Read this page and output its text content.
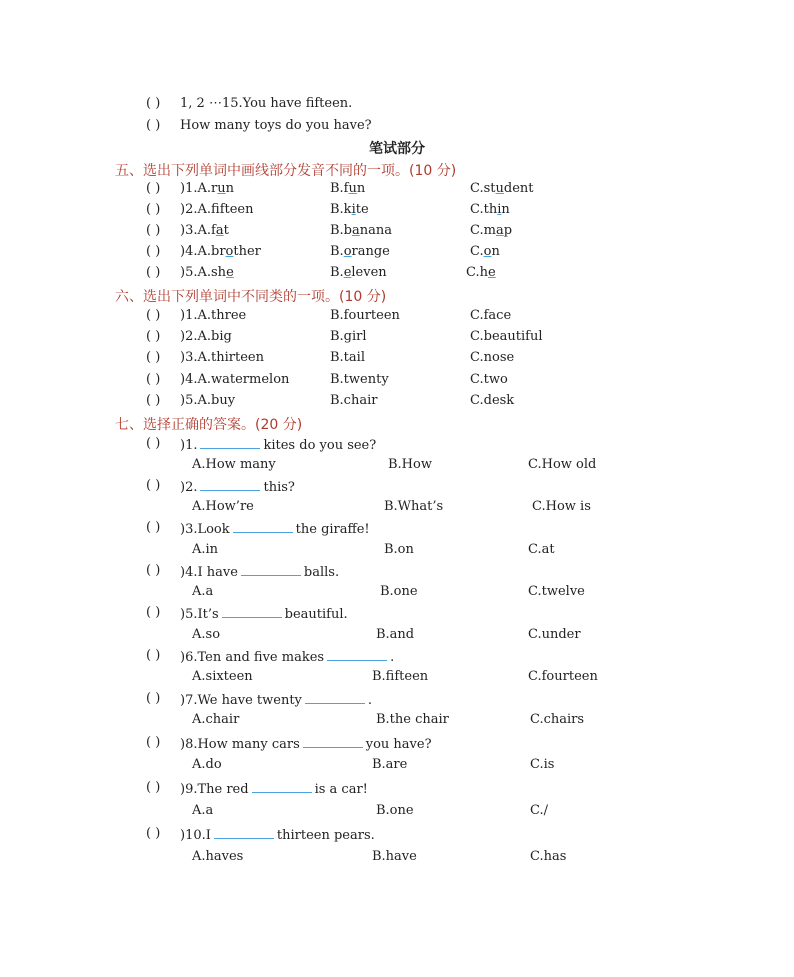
( ) 1, 2 ⋯15.You have fifteen.
( ) How many toys do you have?
笔试部分
五、选出下列单词中画线部分发音不同的一项。(10 分)
( ) )1.A.run	B.fun	C.student
( ) )2.A.ffteen	B.kite	C.thin
( ) )3.A.fat	B.banana	C.map
( ) )4.A.brother	B.orange	C.on
( ) )5.A.she	B.eleven	C.he
六、选出下列单词中不同类的一项。(10 分)
( ) )1.A.three	B.fourteen	C.face
( ) )2.A.big	B.girl	C.beautiful
( ) )3.A.thirteen	B.tail	C.nose
( ) )4.A.watermelon	B.twenty	C.two
( ) )5.A.buy	B.chair	C.desk
七、选择正确的答案。(20 分)
( ) )1.	kites do you see?
A.How many	B.How	C.How old
( ) )2.	this?
A.How’re	B.What’s	C.How is
( ) )3.Look	the giraffe!
A.in	B.on	C.at
( ) )4.I have	balls.
A.a	B.one	C.twelve
( ) )5.It’s	beautiful.
A.so	B.and	C.under
( ) )6.Ten and five makes	.
A.sixteen	B.fifteen	C.fourteen
( ) )7.We have twenty	.
A.chair	B.the chair	C.chairs
( ) )8.How many cars	you have?
A.do	B.are	C.is
( ) )9.The red	is a car!
A.a	B.one	C./
( ) )10.I	thirteen pears.
A.haves	B.have	C.has
